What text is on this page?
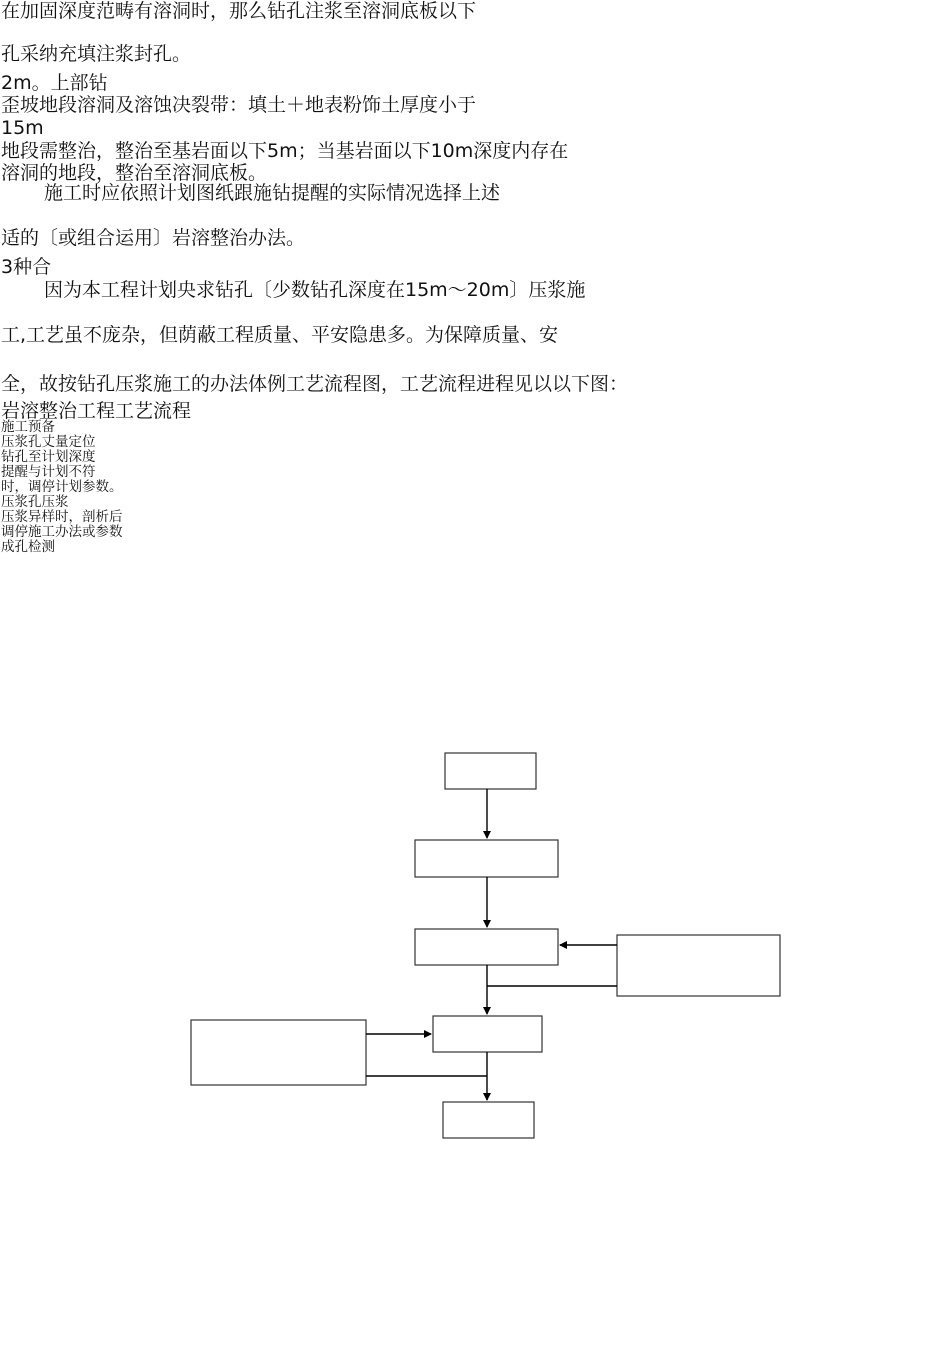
在加固深度范畴有溶洞时，那么钻孔注浆至溶洞底板以下

孔采纳充填注浆封孔。

2m。上部钻

歪坡地段溶洞及溶蚀决裂带：填土＋地表粉饰土厚度小于

15m

地段需整治，整治至基岩面以下5m；当基岩面以下10m深度内存在

溶洞的地段，整治至溶洞底板。

施工时应依照计划图纸跟施钻提醒的实际情况选择上述

适的〔或组合运用〕岩溶整治办法。

3种合

因为本工程计划央求钻孔〔少数钻孔深度在15m～20m〕压浆施

工,工艺虽不庞杂，但荫蔽工程质量、平安隐患多。为保障质量、安

全，故按钻孔压浆施工的办法体例工艺流程图，工艺流程进程见以以下图：

岩溶整治工程工艺流程

施工预备

压浆孔丈量定位

钻孔至计划深度

提醒与计划不符

时，调停计划参数。

压浆孔压浆

压浆异样时，剖析后

调停施工办法或参数

成孔检测
